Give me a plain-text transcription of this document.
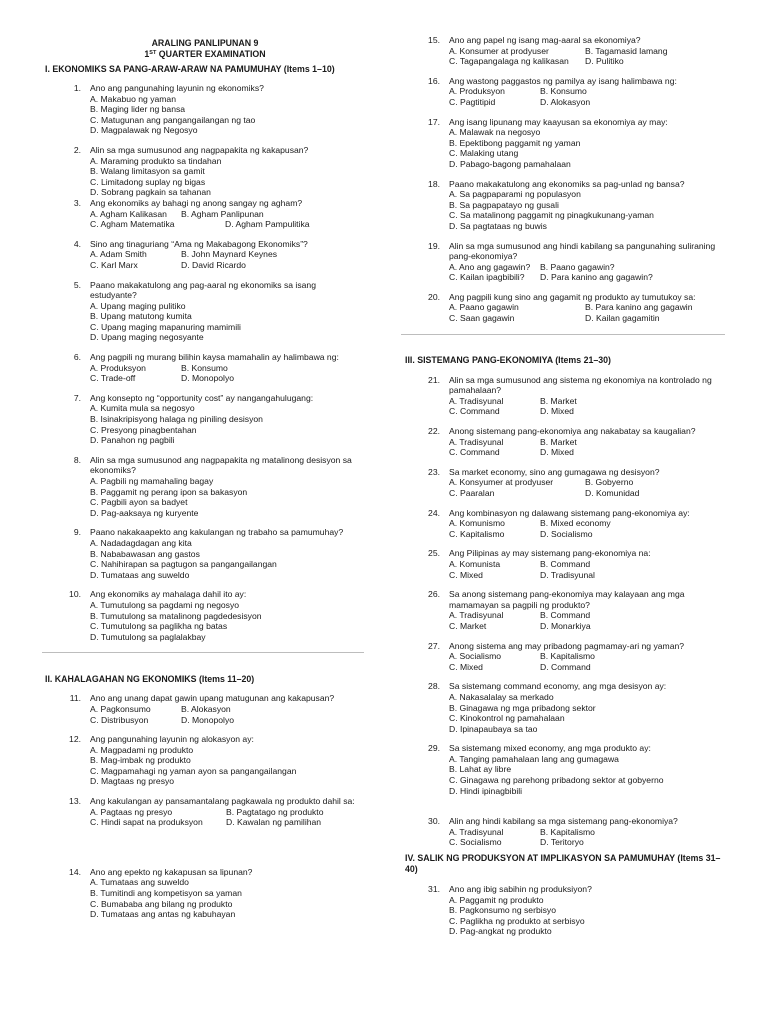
ARALING PANLIPUNAN 9
1ST QUARTER EXAMINATION
I. EKONOMIKS SA PANG-ARAW-ARAW NA PAMUMUHAY (Items 1–10)
1. Ano ang pangunahing layunin ng ekonomiks?
A. Makabuo ng yaman
B. Maging lider ng bansa
C. Matugunan ang pangangailangan ng tao
D. Magpalawak ng Negosyo
2. Alin sa mga sumusunod ang nagpapakita ng kakapusan?
A. Maraming produkto sa tindahan
B. Walang limitasyon sa gamit
C. Limitadong suplay ng bigas
D. Sobrang pagkain sa tahanan
3. Ang ekonomiks ay bahagi ng anong sangay ng agham?
A. Agham Kalikasan B. Agham Panlipunan
C. Agham Matematika	D. Agham Pampulitika
4. Sino ang tinaguriang “Ama ng Makabagong Ekonomiks”?
A. Adam Smith	B. John Maynard Keynes
C. Karl Marx	D. David Ricardo
5. Paano makakatulong ang pag-aaral ng ekonomiks sa isang estudyante?
A. Upang maging pulitiko
B. Upang matutong kumita
C. Upang maging mapanuring mamimili
D. Upang maging negosyante
6. Ang pagpili ng murang bilihin kaysa mamahalin ay halimbawa ng:
A. Produksyon	B. Konsumo
C. Trade-off	D. Monopolyo
7. Ang konsepto ng “opportunity cost” ay nangangahulugang:
A. Kumita mula sa negosyo
B. Isinakripisyong halaga ng piniling desisyon
C. Presyong pinagbentahan
D. Panahon ng pagbili
8. Alin sa mga sumusunod ang nagpapakita ng matalinong desisyon sa ekonomiks?
A. Pagbili ng mamahaling bagay
B. Paggamit ng perang ipon sa bakasyon
C. Pagbili ayon sa badyet
D. Pag-aaksaya ng kuryente
9. Paano nakakaapekto ang kakulangan ng trabaho sa pamumuhay?
A. Nadadagdagan ang kita
B. Nababawasan ang gastos
C. Nahihirapan sa pagtugon sa pangangailangan
D. Tumataas ang suweldo
10. Ang ekonomiks ay mahalaga dahil ito ay:
A. Tumutulong sa pagdami ng negosyo
B. Tumutulong sa matalinong pagdedesisyon
C. Tumutulong sa paglikha ng batas
D. Tumutulong sa paglalakbay
II. KAHALAGAHAN NG EKONOMIKS (Items 11–20)
11. Ano ang unang dapat gawin upang matugunan ang kakapusan?
A. Pagkonsumo	B. Alokasyon
C. Distribusyon	D. Monopolyo
12. Ang pangunahing layunin ng alokasyon ay:
A. Magpadami ng produkto
B. Mag-imbak ng produkto
C. Magpamahagi ng yaman ayon sa pangangailangan
D. Magtaas ng presyo
13. Ang kakulangan ay pansamantalang pagkawala ng produkto dahil sa:
A. Pagtaas ng presyo	B. Pagtatago ng produkto
C. Hindi sapat na produksyon	D. Kawalan ng pamilihan
14. Ano ang epekto ng kakapusan sa lipunan?
A. Tumataas ang suweldo
B. Tumitindi ang kompetisyon sa yaman
C. Bumababa ang bilang ng produkto
D. Tumataas ang antas ng kabuhayan
15. Ano ang papel ng isang mag-aaral sa ekonomiya?
A. Konsumer at prodyuser	B. Tagamasid lamang
C. Tagapangalaga ng kalikasan D. Pulitiko
16. Ang wastong paggastos ng pamilya ay isang halimbawa ng:
A. Produksyon	B. Konsumo
C. Pagtitipid	D. Alokasyon
17. Ang isang lipunang may kaayusan sa ekonomiya ay may:
A. Malawak na negosyo
B. Epektibong paggamit ng yaman
C. Malaking utang
D. Pabago-bagong pamahalaan
18. Paano makakatulong ang ekonomiks sa pag-unlad ng bansa?
A. Sa pagpaparami ng populasyon
B. Sa pagpapatayo ng gusali
C. Sa matalinong paggamit ng pinagkukunang-yaman
D. Sa pagtataas ng buwis
19. Alin sa mga sumusunod ang hindi kabilang sa pangunahing suliraning pang-ekonomiya?
A. Ano ang gagawin? B. Paano gagawin?
C. Kailan ipagbibili? D. Para kanino ang gagawin?
20. Ang pagpili kung sino ang gagamit ng produkto ay tumutukoy sa:
A. Paano gagawin	B. Para kanino ang gagawin
C. Saan gagawin	D. Kailan gagamitin
III. SISTEMANG PANG-EKONOMIYA (Items 21–30)
21. Alin sa mga sumusunod ang sistema ng ekonomiya na kontrolado ng pamahalaan?
A. Tradisyunal	B. Market
C. Command	D. Mixed
22. Anong sistemang pang-ekonomiya ang nakabatay sa kaugalian?
A. Tradisyunal	B. Market
C. Command	D. Mixed
23. Sa market economy, sino ang gumagawa ng desisyon?
A. Konsyumer at prodyuser	B. Gobyerno
C. Paaralan	D. Komunidad
24. Ang kombinasyon ng dalawang sistemang pang-ekonomiya ay:
A. Komunismo	B. Mixed economy
C. Kapitalismo	D. Socialismo
25. Ang Pilipinas ay may sistemang pang-ekonomiya na:
A. Komunista	B. Command
C. Mixed	D. Tradisyunal
26. Sa anong sistemang pang-ekonomiya may kalayaan ang mga mamamayan sa pagpili ng produkto?
A. Tradisyunal	B. Command
C. Market	D. Monarkiya
27. Anong sistema ang may pribadong pagmamay-ari ng yaman?
A. Socialismo	B. Kapitalismo
C. Mixed	D. Command
28. Sa sistemang command economy, ang mga desisyon ay:
A. Nakasalalay sa merkado
B. Ginagawa ng mga pribadong sektor
C. Kinokontrol ng pamahalaan
D. Ipinapaubaya sa tao
29. Sa sistemang mixed economy, ang mga produkto ay:
A. Tanging pamahalaan lang ang gumagawa
B. Lahat ay libre
C. Ginagawa ng parehong pribadong sektor at gobyerno
D. Hindi ipinagbibili
30. Alin ang hindi kabilang sa mga sistemang pang-ekonomiya?
A. Tradisyunal	B. Kapitalismo
C. Socialismo	D. Teritoryo
IV. SALIK NG PRODUKSYON AT IMPLIKASYON SA PAMUMUHAY (Items 31–40)
31. Ano ang ibig sabihin ng produksiyon?
A. Paggamit ng produkto
B. Pagkonsumo ng serbisyo
C. Paglikha ng produkto at serbisyo
D. Pag-angkat ng produkto
